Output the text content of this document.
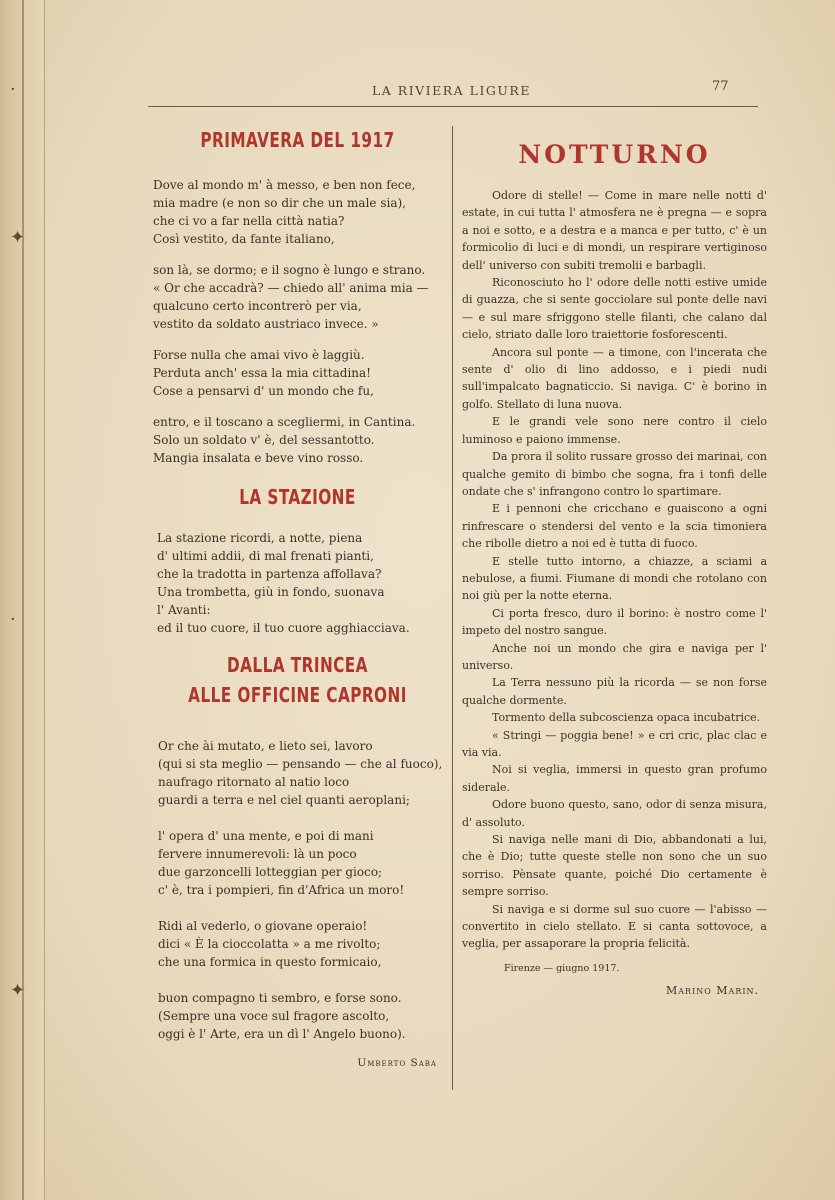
·
✦
·
✦
LA RIVIERA LIGURE	77
PRIMAVERA DEL 1917
Dove al mondo m' à messo, e ben non fece,
mia madre (e non so dir che un male sia),
che ci vo a far nella città natia?
Così vestito, da fante italiano,
son là, se dormo; e il sogno è lungo e strano.
« Or che accadrà? — chiedo all' anima mia —
qualcuno certo incontrerò per via,
vestito da soldato austriaco invece. »
Forse nulla che amai vivo è laggiù.
Perduta anch' essa la mia cittadina!
Cose a pensarvi d' un mondo che fu,
entro, e il toscano a scegliermi, in Cantina.
Solo un soldato v' è, del sessantotto.
Mangia insalata e beve vino rosso.
LA STAZIONE
La stazione ricordi, a notte, piena
d' ultimi addii, di mal frenati pianti,
che la tradotta in partenza affollava?
Una trombetta, giù in fondo, suonava
l' Avanti:
ed il tuo cuore, il tuo cuore agghiacciava.
DALLA TRINCEA
ALLE OFFICINE CAPRONI
Or che ài mutato, e lieto sei, lavoro
(qui si sta meglio — pensando — che al fuoco),
naufrago ritornato al natio loco
guardi a terra e nel ciel quanti aeroplani;
l' opera d' una mente, e poi di mani
fervere innumerevoli: là un poco
due garzoncelli lotteggian per gioco;
c' è, tra i pompieri, fin d'Africa un moro!
Ridi al vederlo, o giovane operaio!
dici « È la cioccolatta » a me rivolto;
che una formica in questo formicaio,
buon compagno ti sembro, e forse sono.
(Sempre una voce sul fragore ascolto,
oggi è l' Arte, era un dì l' Angelo buono).
Umberto Saba
NOTTURNO

Odore di stelle! — Come in mare nelle notti d' estate, in cui tutta l' atmosfera ne è pregna — e sopra a noi e sotto, e a destra e a manca e per tutto, c' è un formicolio di luci e di mondi, un respirare vertiginoso dell' universo con subiti tremolii e barbagli.

Riconosciuto ho l' odore delle notti estive umide di guazza, che si sente gocciolare sul ponte delle navi — e sul mare sfriggono stelle filanti, che calano dal cielo, striato dalle loro traiettorie fosforescenti.

Ancora sul ponte — a timone, con l'incerata che sente d' olio di lino addosso, e i piedi nudi sull'impalcato bagnaticcio. Si naviga. C' è borino in golfo. Stellato di luna nuova.

E le grandi vele sono nere contro il cielo luminoso e paiono immense.

Da prora il solito russare grosso dei marinai, con qualche gemito di bimbo che sogna, fra i tonfi delle ondate che s' infrangono contro lo spartimare.

E i pennoni che cricchano e guaiscono a ogni rinfrescare o stendersi del vento e la scia timoniera che ribolle dietro a noi ed è tutta di fuoco.

E stelle tutto intorno, a chiazze, a sciami a nebulose, a fiumi. Fiumane di mondi che rotolano con noi giù per la notte eterna.

Ci porta fresco, duro il borino: è nostro come l' impeto del nostro sangue.

Anche noi un mondo che gira e naviga per l' universo.

La Terra nessuno più la ricorda — se non forse qualche dormente.

Tormento della subcoscienza opaca incubatrice.

« Stringi — poggia bene! » e cri cric, plac clac e via via.

Noi si veglia, immersi in questo gran profumo siderale.

Odore buono questo, sano, odor di senza misura, d' assoluto.

Si naviga nelle mani di Dio, abbandonati a lui, che è Dio; tutte queste stelle non sono che un suo sorriso. Pènsate quante, poiché Dio certamente è sempre sorriso.

Si naviga e si dorme sul suo cuore — l'abisso — convertito in cielo stellato. E si canta sottovoce, a veglia, per assaporare la propria felicità.

Firenze — giugno 1917.
Marino Marin.
